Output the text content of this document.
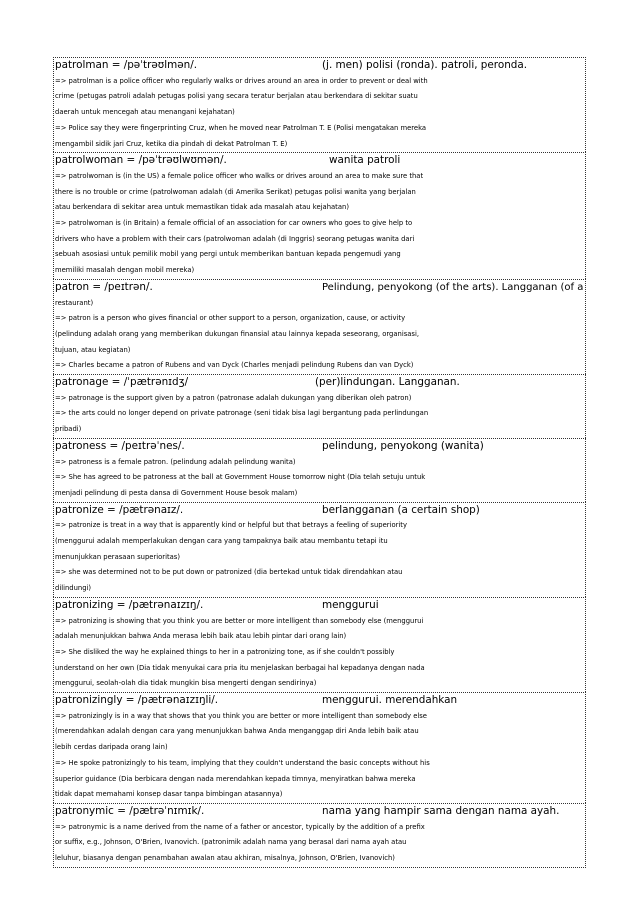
patrolman = /pəˈtrəʊlmən/.	(j. men) polisi (ronda). patroli, peronda.
=> patrolman is a police officer who regularly walks or drives around an area in order to prevent or deal with
crime (petugas patroli adalah petugas polisi yang secara teratur berjalan atau berkendara di sekitar suatu
daerah untuk mencegah atau menangani kejahatan)
=> Police say they were fingerprinting Cruz, when he moved near Patrolman T. E (Polisi mengatakan mereka
mengambil sidik jari Cruz, ketika dia pindah di dekat Patrolman T. E)
patrolwoman = /pəˈtrəʊlwʊmən/.	wanita patroli
=> patrolwoman is (in the US) a female police officer who walks or drives around an area to make sure that
there is no trouble or crime (patrolwoman adalah (di Amerika Serikat) petugas polisi wanita yang berjalan
atau berkendara di sekitar area untuk memastikan tidak ada masalah atau kejahatan)
=> patrolwoman is (in Britain) a female official of an association for car owners who goes to give help to
drivers who have a problem with their cars (patrolwoman adalah (di Inggris) seorang petugas wanita dari
sebuah asosiasi untuk pemilik mobil yang pergi untuk memberikan bantuan kepada pengemudi yang
memiliki masalah dengan mobil mereka)
patron = /peɪtrən/.	Pelindung, penyokong (of the arts). Langganan (of a
restaurant)
=> patron is a person who gives financial or other support to a person, organization, cause, or activity
(pelindung adalah orang yang memberikan dukungan finansial atau lainnya kepada seseorang, organisasi,
tujuan, atau kegiatan)
=> Charles became a patron of Rubens and van Dyck (Charles menjadi pelindung Rubens dan van Dyck)
patronage = /ˈpætrənɪdʒ/	(per)lindungan. Langganan.
=> patronage is the support given by a patron (patronase adalah dukungan yang diberikan oleh patron)
=> the arts could no longer depend on private patronage (seni tidak bisa lagi bergantung pada perlindungan
pribadi)
patroness = /peɪtrəˈnes/.	pelindung, penyokong (wanita)
=> patroness is a female patron. (pelindung adalah pelindung wanita)
=> She has agreed to be patroness at the ball at Government House tomorrow night (Dia telah setuju untuk
menjadi pelindung di pesta dansa di Government House besok malam)
patronize = /pætrənaɪz/.	berlangganan (a certain shop)
=> patronize is treat in a way that is apparently kind or helpful but that betrays a feeling of superiority
(menggurui adalah memperlakukan dengan cara yang tampaknya baik atau membantu tetapi itu
menunjukkan perasaan superioritas)
=> she was determined not to be put down or patronized (dia bertekad untuk tidak direndahkan atau
dilindungi)
patronizing = /pætrənaɪzɪŋ/.	menggurui
=> patronizing is showing that you think you are better or more intelligent than somebody else (menggurui
adalah menunjukkan bahwa Anda merasa lebih baik atau lebih pintar dari orang lain)
=> She disliked the way he explained things to her in a patronizing tone, as if she couldn't possibly
understand on her own (Dia tidak menyukai cara pria itu menjelaskan berbagai hal kepadanya dengan nada
menggurui, seolah-olah dia tidak mungkin bisa mengerti dengan sendirinya)
patronizingly = /pætrənaɪzɪŋli/.	menggurui. merendahkan
=> patronizingly is in a way that shows that you think you are better or more intelligent than somebody else
(merendahkan adalah dengan cara yang menunjukkan bahwa Anda menganggap diri Anda lebih baik atau
lebih cerdas daripada orang lain)
=> He spoke patronizingly to his team, implying that they couldn't understand the basic concepts without his
superior guidance (Dia berbicara dengan nada merendahkan kepada timnya, menyiratkan bahwa mereka
tidak dapat memahami konsep dasar tanpa bimbingan atasannya)
patronymic = /pætrəˈnɪmɪk/.	nama yang hampir sama dengan nama ayah.
=> patronymic is a name derived from the name of a father or ancestor, typically by the addition of a prefix
or suffix, e.g., Johnson, O'Brien, Ivanovich. (patronimik adalah nama yang berasal dari nama ayah atau
leluhur, biasanya dengan penambahan awalan atau akhiran, misalnya, Johnson, O'Brien, Ivanovich)
